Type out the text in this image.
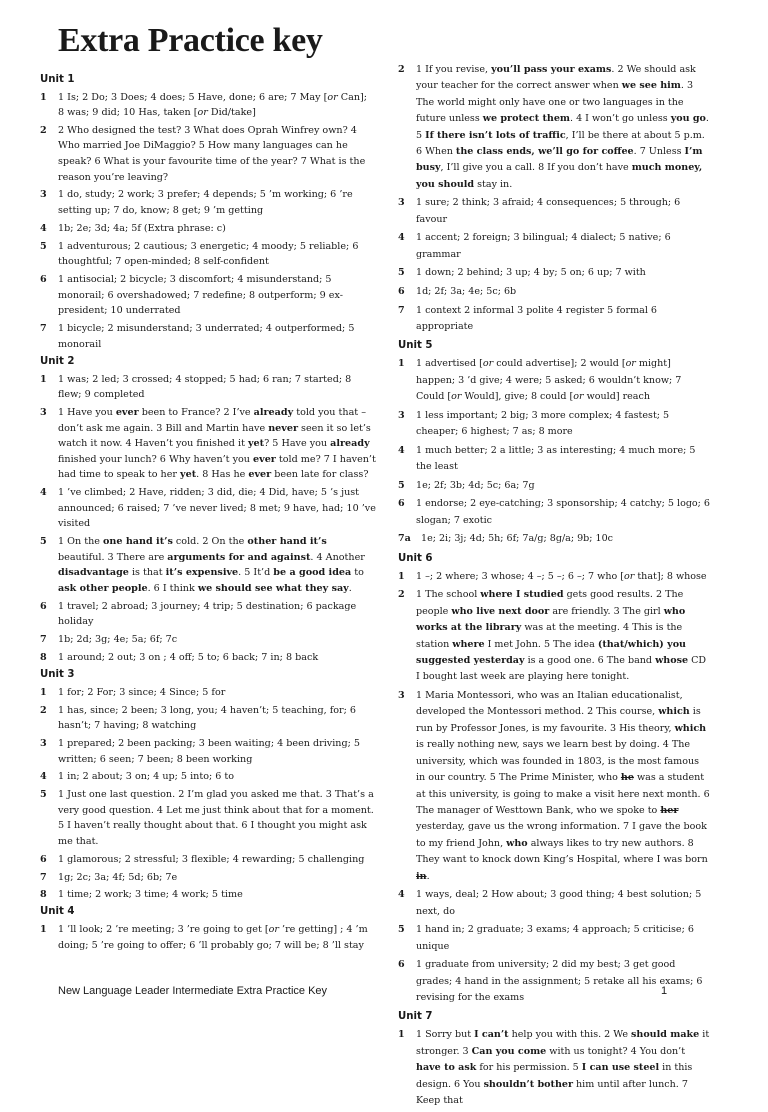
Extra Practice key
Unit 1
1	1 Is; 2 Do; 3 Does; 4 does; 5 Have, done; 6 are; 7 May [or Can]; 8 was; 9 did; 10 Has, taken [or Did/take]
2	2 Who designed the test? 3 What does Oprah Winfrey own? 4 Who married Joe DiMaggio? 5 How many languages can he speak? 6 What is your favourite time of the year? 7 What is the reason you’re leaving?
3	1 do, study; 2 work; 3 prefer; 4 depends; 5 ’m working; 6 ’re setting up; 7 do, know; 8 get; 9 ’m getting
4	1b; 2e; 3d; 4a; 5f (Extra phrase: c)
5	1 adventurous; 2 cautious; 3 energetic; 4 moody; 5 reliable; 6 thoughtful; 7 open-minded; 8 self-confident
6	1 antisocial; 2 bicycle; 3 discomfort; 4 misunderstand; 5 monorail; 6 overshadowed; 7 redefine; 8 outperform; 9 ex-president; 10 underrated
7	1 bicycle; 2 misunderstand; 3 underrated; 4 outperformed; 5 monorail
Unit 2
1	1 was; 2 led; 3 crossed; 4 stopped; 5 had; 6 ran; 7 started; 8 flew; 9 completed
3	1 Have you ever been to France? 2 I’ve already told you that – don’t ask me again. 3 Bill and Martin have never seen it so let’s watch it now. 4 Haven’t you finished it yet? 5 Have you already finished your lunch? 6 Why haven’t you ever told me? 7 I haven’t had time to speak to her yet. 8 Has he ever been late for class?
4	1 ’ve climbed; 2 Have, ridden; 3 did, die; 4 Did, have; 5 ’s just announced; 6 raised; 7 ’ve never lived; 8 met; 9 have, had; 10 ’ve visited
5	1 On the one hand it’s cold. 2 On the other hand it’s beautiful. 3 There are arguments for and against. 4 Another disadvantage is that it’s expensive. 5 It’d be a good idea to ask other people. 6 I think we should see what they say.
6	1 travel; 2 abroad; 3 journey; 4 trip; 5 destination; 6 package holiday
7	1b; 2d; 3g; 4e; 5a; 6f; 7c
8	1 around; 2 out; 3 on ; 4 off; 5 to; 6 back; 7 in; 8 back
Unit 3
1	1 for; 2 For; 3 since; 4 Since; 5 for
2	1 has, since; 2 been; 3 long, you; 4 haven’t; 5 teaching, for; 6 hasn’t; 7 having; 8 watching
3	1 prepared; 2 been packing; 3 been waiting; 4 been driving; 5 written; 6 seen; 7 been; 8 been working
4	1 in; 2 about; 3 on; 4 up; 5 into; 6 to
5	1 Just one last question. 2 I’m glad you asked me that. 3 That’s a very good question. 4 Let me just think about that for a moment. 5 I haven’t really thought about that. 6 I thought you might ask me that.
6	1 glamorous; 2 stressful; 3 flexible; 4 rewarding; 5 challenging
7	1g; 2c; 3a; 4f; 5d; 6b; 7e
8	1 time; 2 work; 3 time; 4 work; 5 time
Unit 4
1	1 ’ll look; 2 ’re meeting; 3 ’re going to get [or ’re getting] ; 4 ’m doing; 5 ’re going to offer; 6 ’ll probably go; 7 will be; 8 ’ll stay
2	1 If you revise, you’ll pass your exams. 2 We should ask your teacher for the correct answer when we see him. 3 The world might only have one or two languages in the future unless we protect them. 4 I won’t go unless you go. 5 If there isn’t lots of traffic, I’ll be there at about 5 p.m. 6 When the class ends, we’ll go for coffee. 7 Unless I’m busy, I’ll give you a call. 8 If you don’t have much money, you should stay in.
3	1 sure; 2 think; 3 afraid; 4 consequences; 5 through; 6 favour
4	1 accent; 2 foreign; 3 bilingual; 4 dialect; 5 native; 6 grammar
5	1 down; 2 behind; 3 up; 4 by; 5 on; 6 up; 7 with
6	1d; 2f; 3a; 4e; 5c; 6b
7	1 context 2 informal 3 polite 4 register 5 formal 6 appropriate
Unit 5
1	1 advertised [or could advertise]; 2 would [or might] happen; 3 ’d give; 4 were; 5 asked; 6 wouldn’t know; 7 Could [or Would], give; 8 could [or would] reach
3	1 less important; 2 big; 3 more complex; 4 fastest; 5 cheaper; 6 highest; 7 as; 8 more
4	1 much better; 2 a little; 3 as interesting; 4 much more; 5 the least
5	1e; 2f; 3b; 4d; 5c; 6a; 7g
6	1 endorse; 2 eye-catching; 3 sponsorship; 4 catchy; 5 logo; 6 slogan; 7 exotic
7a	1e; 2i; 3j; 4d; 5h; 6f; 7a/g; 8g/a; 9b; 10c
Unit 6
1	1 –; 2 where; 3 whose; 4 –; 5 –; 6 –; 7 who [or that]; 8 whose
2	1 The school where I studied gets good results. 2 The people who live next door are friendly. 3 The girl who works at the library was at the meeting. 4 This is the station where I met John. 5 The idea (that/which) you suggested yesterday is a good one. 6 The band whose CD I bought last week are playing here tonight.
3	1 Maria Montessori, who was an Italian educationalist, developed the Montessori method. 2 This course, which is run by Professor Jones, is my favourite. 3 His theory, which is really nothing new, says we learn best by doing. 4 The university, which was founded in 1803, is the most famous in our country. 5 The Prime Minister, who he was a student at this university, is going to make a visit here next month. 6 The manager of Westtown Bank, who we spoke to her yesterday, gave us the wrong information. 7 I gave the book to my friend John, who always likes to try new authors. 8 They want to knock down King’s Hospital, where I was born in.
4	1 ways, deal; 2 How about; 3 good thing; 4 best solution; 5 next, do
5	1 hand in; 2 graduate; 3 exams; 4 approach; 5 criticise; 6 unique
6	1 graduate from university; 2 did my best; 3 get good grades; 4 hand in the assignment; 5 retake all his exams; 6 revising for the exams
Unit 7
1	1 Sorry but I can’t help you with this. 2 We should make it stronger. 3 Can you come with us tonight? 4 You don’t have to ask for his permission. 5 I can use steel in this design. 6 You shouldn’t bother him until after lunch. 7 Keep that
New Language Leader Intermediate Extra Practice Key	1
